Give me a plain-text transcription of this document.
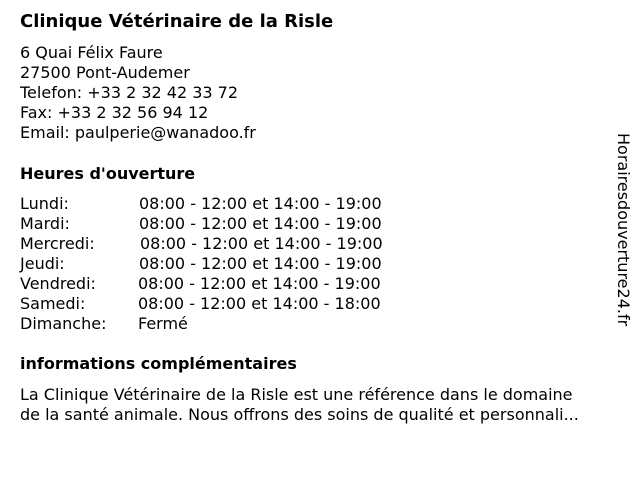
Clinique Vétérinaire de la Risle
6 Quai Félix Faure
27500 Pont-Audemer
Telefon: +33 2 32 42 33 72
Fax: +33 2 32 56 94 12
Email: paulperie@wanadoo.fr
Heures d'ouverture
Lundi:	08:00 - 12:00 et 14:00 - 19:00
Mardi:	08:00 - 12:00 et 14:00 - 19:00
Mercredi:	08:00 - 12:00 et 14:00 - 19:00
Jeudi:	08:00 - 12:00 et 14:00 - 19:00
Vendredi:	08:00 - 12:00 et 14:00 - 19:00
Samedi:	08:00 - 12:00 et 14:00 - 18:00
Dimanche: Fermé
informations complémentaires
La Clinique Vétérinaire de la Risle est une référence dans le domaine
de la santé animale. Nous offrons des soins de qualité et personnali...
Horairesdouverture24.fr
